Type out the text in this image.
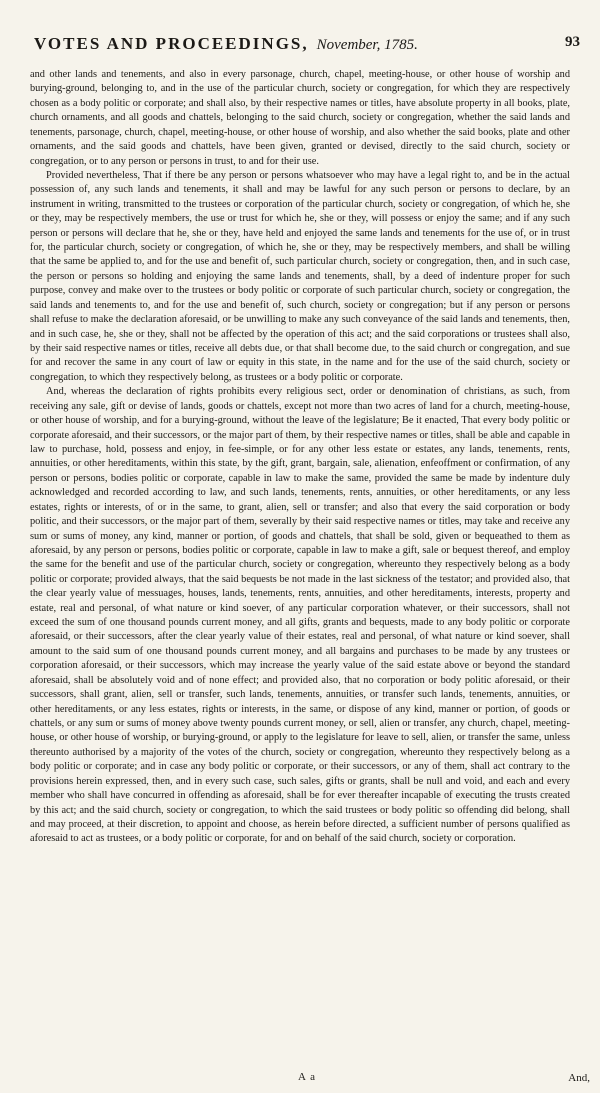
VOTES AND PROCEEDINGS, November, 1785.	93

and other lands and tenements, and also in every parsonage, church, chapel, meeting-house, or other house of worship and burying-ground, belonging to, and in the use of the particular church, society or congregation, for which they are respectively chosen as a body politic or corporate; and shall also, by their respective names or titles, have absolute property in all books, plate, church ornaments, and all goods and chattels, belonging to the said church, society or congregation, whether the said lands and tenements, parsonage, church, chapel, meeting-house, or other house of worship, and also whether the said books, plate and other ornaments, and the said goods and chattels, have been given, granted or devised, directly to the said church, society or congregation, or to any person or persons in trust, to and for their use.

Provided nevertheless, That if there be any person or persons whatsoever who may have a legal right to, and be in the actual possession of, any such lands and tenements, it shall and may be lawful for any such person or persons to declare, by an instrument in writing, transmitted to the trustees or corporation of the particular church, society or congregation, of which he, she or they, may be respectively members, the use or trust for which he, she or they, will possess or enjoy the same; and if any such person or persons will declare that he, she or they, have held and enjoyed the same lands and tenements for the use of, or in trust for, the particular church, society or congregation, of which he, she or they, may be respectively members, and shall be willing that the same be applied to, and for the use and benefit of, such particular church, society or congregation, then, and in such case, the person or persons so holding and enjoying the same lands and tenements, shall, by a deed of indenture proper for such purpose, convey and make over to the trustees or body politic or corporate of such particular church, society or congregation, the said lands and tenements to, and for the use and benefit of, such church, society or congregation; but if any person or persons shall refuse to make the declaration aforesaid, or be unwilling to make any such conveyance of the said lands and tenements, then, and in such case, he, she or they, shall not be affected by the operation of this act; and the said corporations or trustees shall also, by their said respective names or titles, receive all debts due, or that shall become due, to the said church or congregation, and sue for and recover the same in any court of law or equity in this state, in the name and for the use of the said church, society or congregation, to which they respectively belong, as trustees or a body politic or corporate.

And, whereas the declaration of rights prohibits every religious sect, order or denomination of christians, as such, from receiving any sale, gift or devise of lands, goods or chattels, except not more than two acres of land for a church, meeting-house, or other house of worship, and for a burying-ground, without the leave of the legislature; Be it enacted, That every body politic or corporate aforesaid, and their successors, or the major part of them, by their respective names or titles, shall be able and capable in law to purchase, hold, possess and enjoy, in fee-simple, or for any other less estate or estates, any lands, tenements, rents, annuities, or other hereditaments, within this state, by the gift, grant, bargain, sale, alienation, enfeoffment or confirmation, of any person or persons, bodies politic or corporate, capable in law to make the same, provided the same be made by indenture duly acknowledged and recorded according to law, and such lands, tenements, rents, annuities, or other hereditaments, or any less estates, rights or interests, of or in the same, to grant, alien, sell or transfer; and also that every the said corporation or body politic, and their successors, or the major part of them, severally by their said respective names or titles, may take and receive any sum or sums of money, any kind, manner or portion, of goods and chattels, that shall be sold, given or bequeathed to them as aforesaid, by any person or persons, bodies politic or corporate, capable in law to make a gift, sale or bequest thereof, and employ the same for the benefit and use of the particular church, society or congregation, whereunto they respectively belong as a body politic or corporate; provided always, that the said bequests be not made in the last sickness of the testator; and provided also, that the clear yearly value of messuages, houses, lands, tenements, rents, annuities, and other hereditaments, interests, property and estate, real and personal, of what nature or kind soever, of any particular corporation whatever, or their successors, shall not exceed the sum of one thousand pounds current money, and all gifts, grants and bequests, made to any body politic or corporate aforesaid, or their successors, after the clear yearly value of their estates, real and personal, of what nature or kind soever, shall amount to the said sum of one thousand pounds current money, and all bargains and purchases to be made by any trustees or corporation aforesaid, or their successors, which may increase the yearly value of the said estate above or beyond the standard aforesaid, shall be absolutely void and of none effect; and provided also, that no corporation or body politic aforesaid, or their successors, shall grant, alien, sell or transfer, such lands, tenements, annuities, or transfer such lands, tenements, annuities, or other hereditaments, or any less estates, rights or interests, in the same, or dispose of any kind, manner or portion, of goods or chattels, or any sum or sums of money above twenty pounds current money, or sell, alien or transfer, any church, chapel, meeting-house, or other house of worship, or burying-ground, or apply to the legislature for leave to sell, alien, or transfer the same, unless thereunto authorised by a majority of the votes of the church, society or congregation, whereunto they respectively belong as a body politic or corporate; and in case any body politic or corporate, or their successors, or any of them, shall act contrary to the provisions herein expressed, then, and in every such case, such sales, gifts or grants, shall be null and void, and each and every member who shall have concurred in offending as aforesaid, shall be for ever thereafter incapable of executing the trusts created by this act; and the said church, society or congregation, to which the said trustees or body politic so offending did belong, shall and may proceed, at their discretion, to appoint and choose, as herein before directed, a sufficient number of persons qualified as aforesaid to act as trustees, or a body politic or corporate, for and on behalf of the said church, society or corporation.

A a	And,
